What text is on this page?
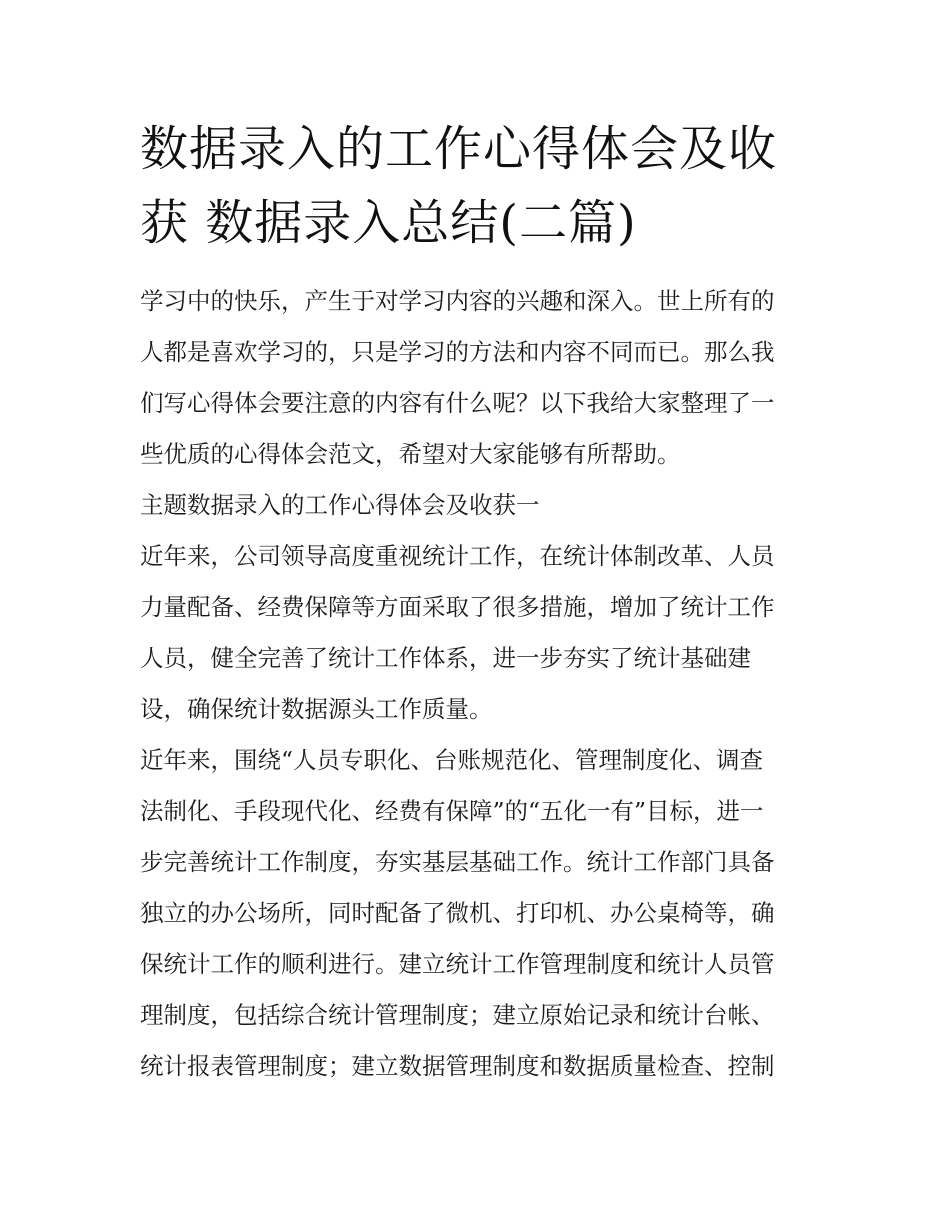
数据录入的工作心得体会及收
获 数据录入总结(二篇)
学习中的快乐，产生于对学习内容的兴趣和深入。世上所有的
人都是喜欢学习的，只是学习的方法和内容不同而已。那么我
们写心得体会要注意的内容有什么呢？以下我给大家整理了一
些优质的心得体会范文，希望对大家能够有所帮助。
主题数据录入的工作心得体会及收获一
近年来，公司领导高度重视统计工作，在统计体制改革、人员
力量配备、经费保障等方面采取了很多措施，增加了统计工作
人员，健全完善了统计工作体系，进一步夯实了统计基础建
设，确保统计数据源头工作质量。
近年来，围绕“人员专职化、台账规范化、管理制度化、调查
法制化、手段现代化、经费有保障”的“五化一有”目标，进一
步完善统计工作制度，夯实基层基础工作。统计工作部门具备
独立的办公场所，同时配备了微机、打印机、办公桌椅等，确
保统计工作的顺利进行。建立统计工作管理制度和统计人员管
理制度，包括综合统计管理制度；建立原始记录和统计台帐、
统计报表管理制度；建立数据管理制度和数据质量检查、控制
